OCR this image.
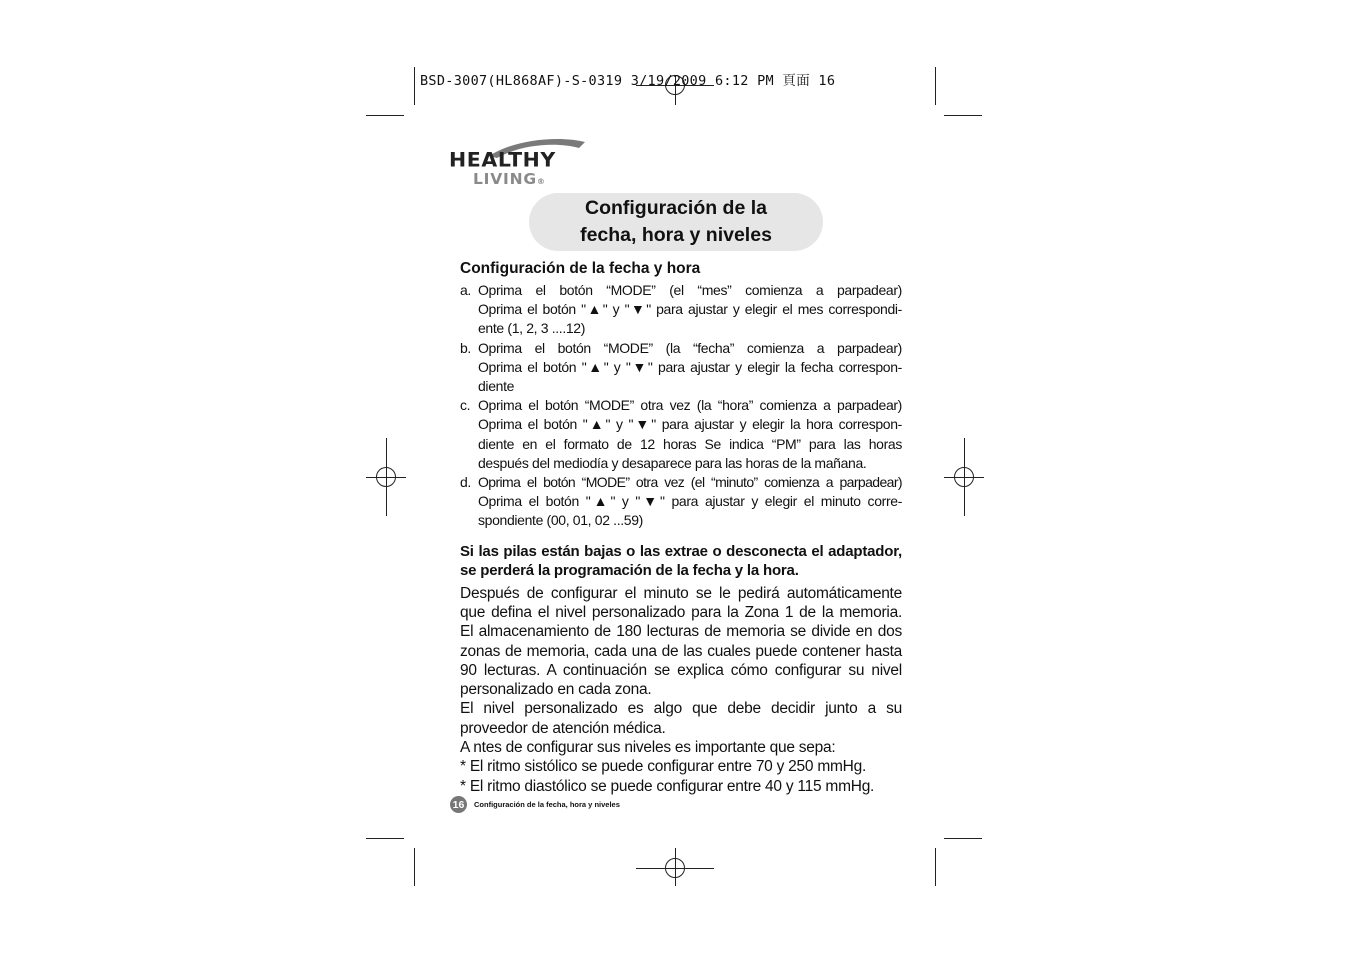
BSD-3007(HL868AF)-S-0319 3/19/2009 6:12 PM 頁面 16
HEALTHY
LIVING®
Configuración de la
fecha, hora y niveles
Configuración de la fecha y hora
a. Oprima el botón “MODE” (el “mes” comienza a parpadear)
Oprima el botón "▲" y "▼" para ajustar y elegir el mes correspondi-
ente (1, 2, 3 ....12)
b. Oprima el botón “MODE” (la “fecha” comienza a parpadear)
Oprima el botón "▲" y "▼" para ajustar y elegir la fecha correspon-
diente
c. Oprima el botón “MODE” otra vez (la “hora” comienza a parpadear)
Oprima el botón "▲" y "▼" para ajustar y elegir la hora correspon-
diente en el formato de 12 horas Se indica “PM” para las horas
después del mediodía y desaparece para las horas de la mañana.
d. Oprima el botón “MODE” otra vez (el “minuto” comienza a parpadear)
Oprima el botón "▲" y "▼" para ajustar y elegir el minuto corre-
spondiente (00, 01, 02 ...59)
Si las pilas están bajas o las extrae o desconecta el adaptador,
se perderá la programación de la fecha y la hora.
Después de configurar el minuto se le pedirá automáticamente
que defina el nivel personalizado para la Zona 1 de la memoria.
El almacenamiento de 180 lecturas de memoria se divide en dos
zonas de memoria, cada una de las cuales puede contener hasta
90 lecturas. A continuación se explica cómo configurar su nivel
personalizado en cada zona.
El nivel personalizado es algo que debe decidir junto a su
proveedor de atención médica.
A ntes de configurar sus niveles es importante que sepa:
* El ritmo sistólico se puede configurar entre 70 y 250 mmHg.
* El ritmo diastólico se puede configurar entre 40 y 115 mmHg.
16	Configuración de la fecha, hora y niveles
